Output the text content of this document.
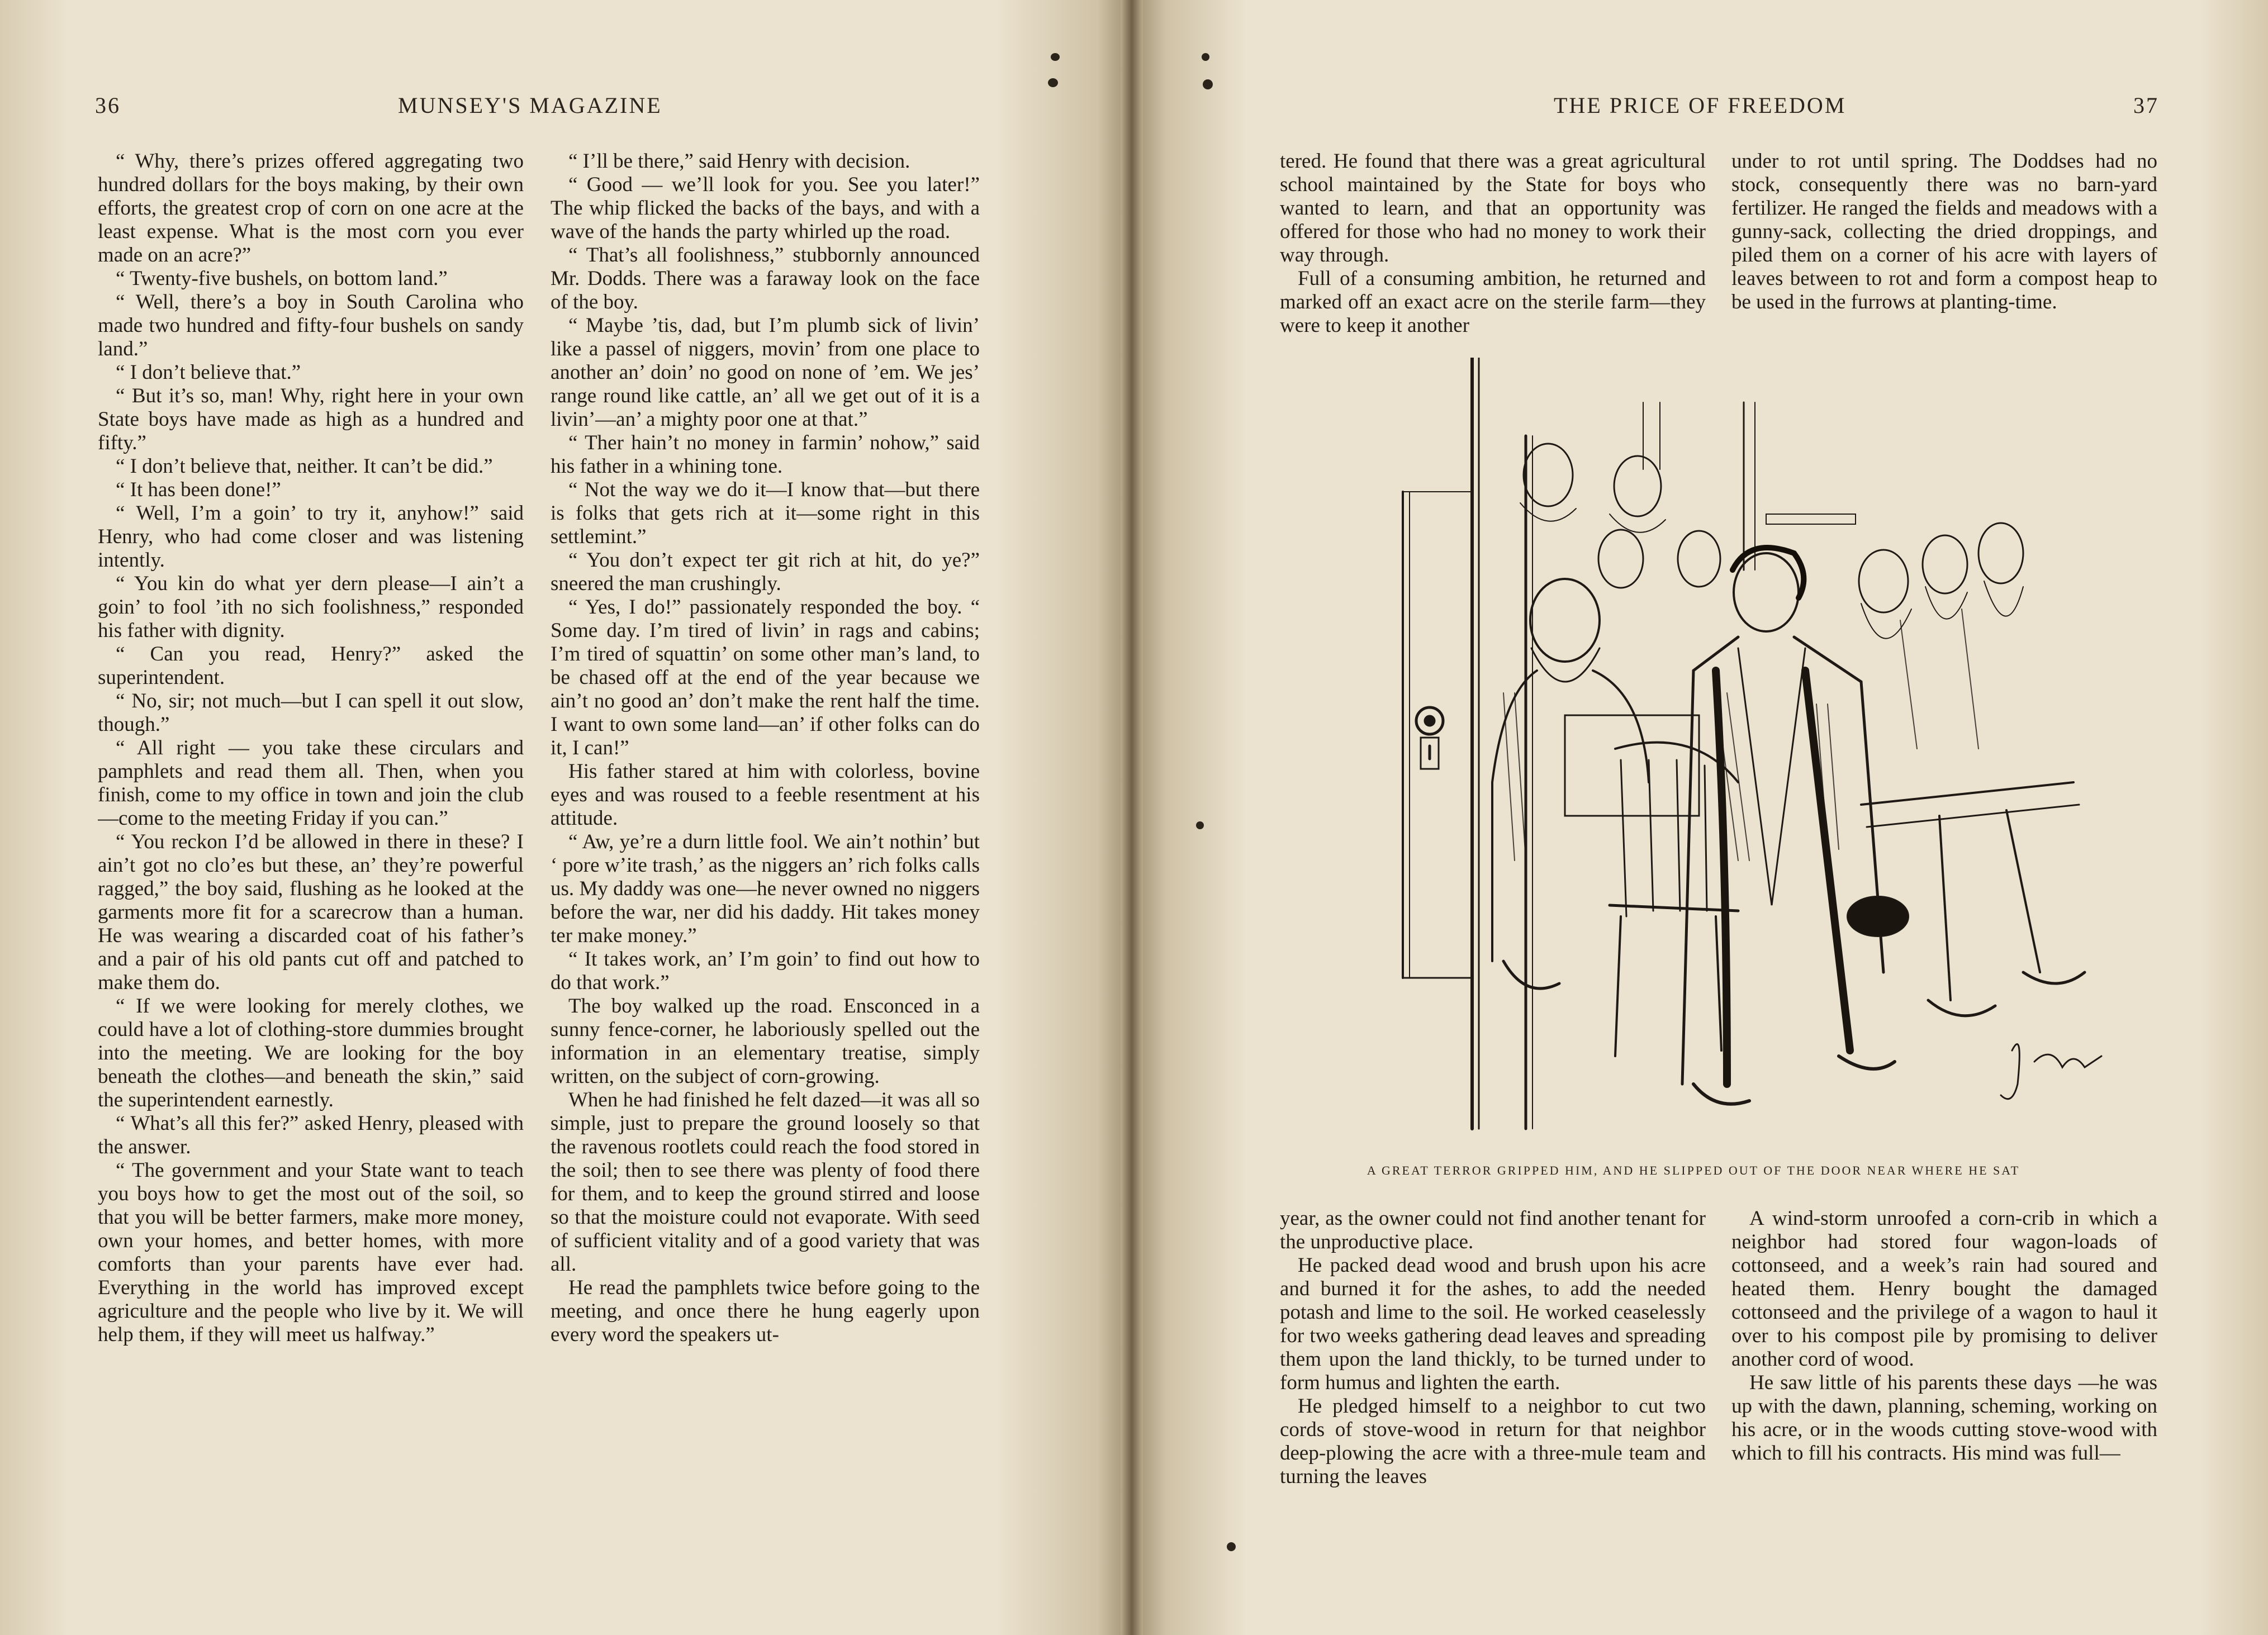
36	MUNSEY'S MAGAZINE

“ Why, there’s prizes offered aggregating two hundred dollars for the boys making, by their own efforts, the greatest crop of corn on one acre at the least expense. What is the most corn you ever made on an acre?”

“ Twenty-five bushels, on bottom land.”

“ Well, there’s a boy in South Carolina who made two hundred and fifty-four bushels on sandy land.”

“ I don’t believe that.”

“ But it’s so, man! Why, right here in your own State boys have made as high as a hundred and fifty.”

“ I don’t believe that, neither. It can’t be did.”

“ It has been done!”

“ Well, I’m a goin’ to try it, anyhow!” said Henry, who had come closer and was listening intently.

“ You kin do what yer dern please—I ain’t a goin’ to fool ’ith no sich foolishness,” responded his father with dignity.

“ Can you read, Henry?” asked the superintendent.

“ No, sir; not much—but I can spell it out slow, though.”

“ All right — you take these circulars and pamphlets and read them all. Then, when you finish, come to my office in town and join the club—come to the meeting Friday if you can.”

“ You reckon I’d be allowed in there in these? I ain’t got no clo’es but these, an’ they’re powerful ragged,” the boy said, flushing as he looked at the garments more fit for a scarecrow than a human. He was wearing a discarded coat of his father’s and a pair of his old pants cut off and patched to make them do.

“ If we were looking for merely clothes, we could have a lot of clothing-store dummies brought into the meeting. We are looking for the boy beneath the clothes—and beneath the skin,” said the superintendent earnestly.

“ What’s all this fer?” asked Henry, pleased with the answer.

“ The government and your State want to teach you boys how to get the most out of the soil, so that you will be better farmers, make more money, own your homes, and better homes, with more comforts than your parents have ever had. Everything in the world has improved except agriculture and the people who live by it. We will help them, if they will meet us halfway.”

“ I’ll be there,” said Henry with decision.

“ Good — we’ll look for you. See you later!” The whip flicked the backs of the bays, and with a wave of the hands the party whirled up the road.

“ That’s all foolishness,” stubbornly announced Mr. Dodds. There was a faraway look on the face of the boy.

“ Maybe ’tis, dad, but I’m plumb sick of livin’ like a passel of niggers, movin’ from one place to another an’ doin’ no good on none of ’em. We jes’ range round like cattle, an’ all we get out of it is a livin’—an’ a mighty poor one at that.”

“ Ther hain’t no money in farmin’ nohow,” said his father in a whining tone.

“ Not the way we do it—I know that—but there is folks that gets rich at it—some right in this settlemint.”

“ You don’t expect ter git rich at hit, do ye?” sneered the man crushingly.

“ Yes, I do!” passionately responded the boy. “ Some day. I’m tired of livin’ in rags and cabins; I’m tired of squattin’ on some other man’s land, to be chased off at the end of the year because we ain’t no good an’ don’t make the rent half the time. I want to own some land—an’ if other folks can do it, I can!”

His father stared at him with colorless, bovine eyes and was roused to a feeble resentment at his attitude.

“ Aw, ye’re a durn little fool. We ain’t nothin’ but ‘ pore w’ite trash,’ as the niggers an’ rich folks calls us. My daddy was one—he never owned no niggers before the war, ner did his daddy. Hit takes money ter make money.”

“ It takes work, an’ I’m goin’ to find out how to do that work.”

The boy walked up the road. Ensconced in a sunny fence-corner, he laboriously spelled out the information in an elementary treatise, simply written, on the subject of corn-growing.

When he had finished he felt dazed—it was all so simple, just to prepare the ground loosely so that the ravenous rootlets could reach the food stored in the soil; then to see there was plenty of food there for them, and to keep the ground stirred and loose so that the moisture could not evaporate. With seed of sufficient vitality and of a good variety that was all.

He read the pamphlets twice before going to the meeting, and once there he hung eagerly upon every word the speakers ut-

THE PRICE OF FREEDOM	37

tered. He found that there was a great agricultural school maintained by the State for boys who wanted to learn, and that an opportunity was offered for those who had no money to work their way through.

Full of a consuming ambition, he returned and marked off an exact acre on the sterile farm—they were to keep it another

under to rot until spring. The Doddses had no stock, consequently there was no barn-yard fertilizer. He ranged the fields and meadows with a gunny-sack, collecting the dried droppings, and piled them on a corner of his acre with layers of leaves between to rot and form a compost heap to be used in the furrows at planting-time.

A GREAT TERROR GRIPPED HIM, AND HE SLIPPED OUT OF THE DOOR NEAR WHERE HE SAT

year, as the owner could not find another tenant for the unproductive place.

He packed dead wood and brush upon his acre and burned it for the ashes, to add the needed potash and lime to the soil. He worked ceaselessly for two weeks gathering dead leaves and spreading them upon the land thickly, to be turned under to form humus and lighten the earth.

He pledged himself to a neighbor to cut two cords of stove-wood in return for that neighbor deep-plowing the acre with a three-mule team and turning the leaves

A wind-storm unroofed a corn-crib in which a neighbor had stored four wagon-loads of cottonseed, and a week’s rain had soured and heated them. Henry bought the damaged cottonseed and the privilege of a wagon to haul it over to his compost pile by promising to deliver another cord of wood.

He saw little of his parents these days —he was up with the dawn, planning, scheming, working on his acre, or in the woods cutting stove-wood with which to fill his contracts. His mind was full—
